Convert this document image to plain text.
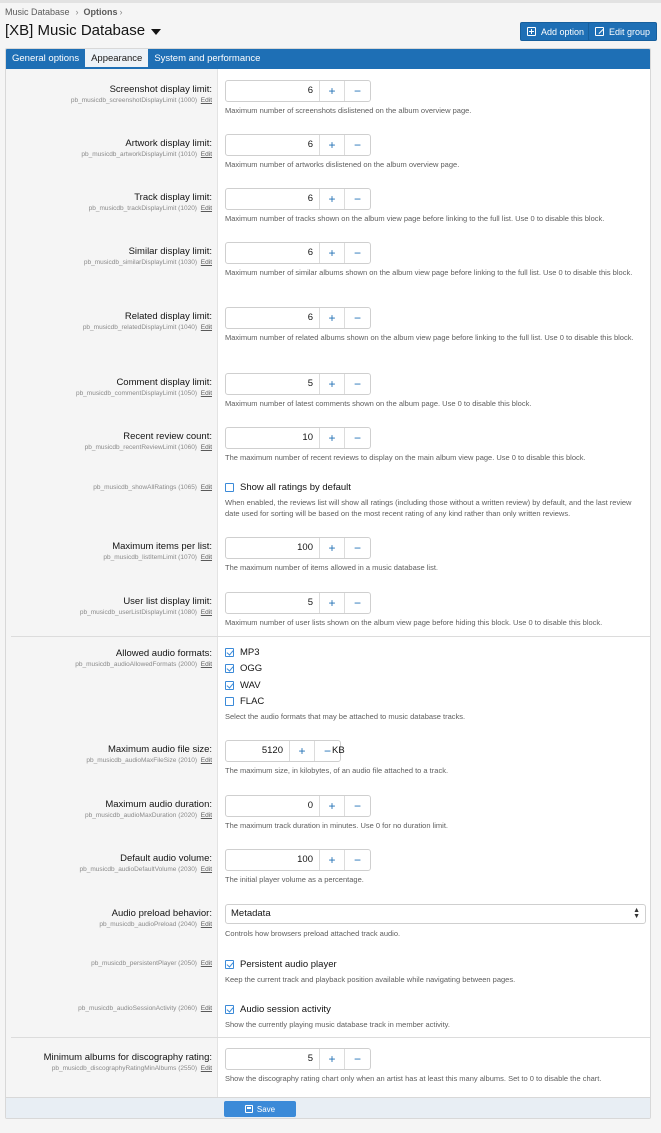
Music Database › Options ›
[XB] Music Database	Add option	Edit group
General options	Appearance	System and performance
Screenshot display limit:
pb_musicdb_screenshotDisplayLimit (1000) Edit
6	+	−
Maximum number of screenshots dislistened on the album overview page.
Artwork display limit:
pb_musicdb_artworkDisplayLimit (1010) Edit
6	+	−
Maximum number of artworks dislistened on the album overview page.
Track display limit:
pb_musicdb_trackDisplayLimit (1020) Edit
6	+	−
Maximum number of tracks shown on the album view page before linking to the full list. Use 0 to disable this block.
Similar display limit:
pb_musicdb_similarDisplayLimit (1030) Edit
6	+	−
Maximum number of similar albums shown on the album view page before linking to the full list. Use 0 to disable this block.
Related display limit:
pb_musicdb_relatedDisplayLimit (1040) Edit
6	+	−
Maximum number of related albums shown on the album view page before linking to the full list. Use 0 to disable this block.
Comment display limit:
pb_musicdb_commentDisplayLimit (1050) Edit
5	+	−
Maximum number of latest comments shown on the album page. Use 0 to disable this block.
Recent review count:
pb_musicdb_recentReviewLimit (1060) Edit
10	+	−
The maximum number of recent reviews to display on the main album view page. Use 0 to disable this block.
pb_musicdb_showAllRatings (1065) Edit	Show all ratings by default
When enabled, the reviews list will show all ratings (including those without a written review) by default, and the last review date used for sorting will be based on the most recent rating of any kind rather than only written reviews.
Maximum items per list:
pb_musicdb_listItemLimit (1070) Edit
100	+	−
The maximum number of items allowed in a music database list.
User list display limit:
pb_musicdb_userListDisplayLimit (1080) Edit
5	+	−
Maximum number of user lists shown on the album view page before hiding this block. Use 0 to disable this block.
Allowed audio formats:
pb_musicdb_audioAllowedFormats (2000) Edit
MP3
OGG
WAV
FLAC
Select the audio formats that may be attached to music database tracks.
Maximum audio file size:
pb_musicdb_audioMaxFileSize (2010) Edit
5120	+	− KB
The maximum size, in kilobytes, of an audio file attached to a track.
Maximum audio duration:
pb_musicdb_audioMaxDuration (2020) Edit
0	+	−
The maximum track duration in minutes. Use 0 for no duration limit.
Default audio volume:
pb_musicdb_audioDefaultVolume (2030) Edit
100	+	−
The initial player volume as a percentage.
Audio preload behavior:
pb_musicdb_audioPreload (2040) Edit
Metadata	▲
▼
Controls how browsers preload attached track audio.
pb_musicdb_persistentPlayer (2050) Edit	Persistent audio player
Keep the current track and playback position available while navigating between pages.
pb_musicdb_audioSessionActivity (2060) Edit	Audio session activity
Show the currently playing music database track in member activity.
Minimum albums for discography rating:
pb_musicdb_discographyRatingMinAlbums (2550) Edit
5	+	−
Show the discography rating chart only when an artist has at least this many albums. Set to 0 to disable the chart.
Save
